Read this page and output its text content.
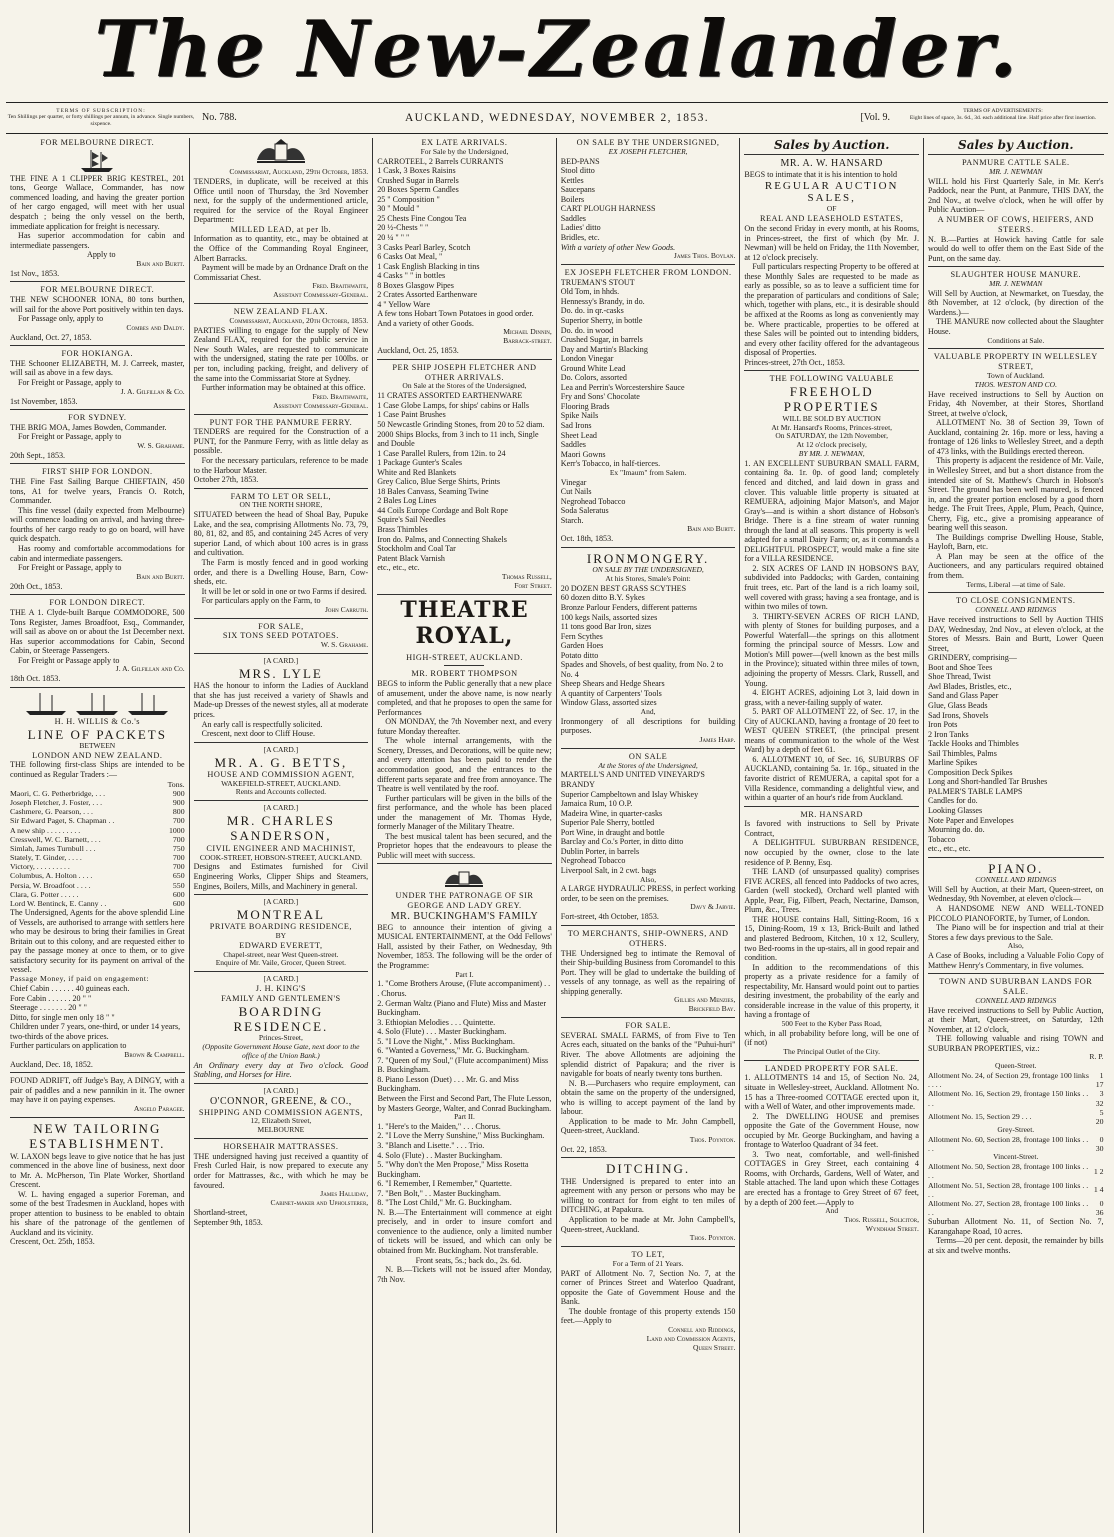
The New-Zealander.
TERMS OF SUBSCRIPTION:
Ten Shillings per quarter, or forty shillings per annum, in advance. Single numbers, sixpence.
No. 788.	AUCKLAND, WEDNESDAY, NOVEMBER 2, 1853.	[Vol. 9.
TERMS OF ADVERTISEMENTS:
Eight lines of space, 3s. 6d., 3d. each additional line. Half price after first insertion.
FOR MELBOURNE DIRECT.

THE FINE A 1 CLIPPER BRIG KESTREL, 201 tons, George Wallace, Commander, has now commenced loading, and having the greater portion of her cargo engaged, will meet with her usual despatch ; being the only vessel on the berth, immediate application for freight is necessary.

Has superior accommodation for cabin and intermediate passengers.

Apply to

Bain and Burtt.
1st Nov., 1853.
FOR MELBOURNE DIRECT.

THE NEW SCHOONER IONA, 80 tons burthen, will sail for the above Port positively within ten days.

For Passage only, apply to

Combes and Daldy.
Auckland, Oct. 27, 1853.
FOR HOKIANGA.

THE Schooner ELIZABETH, M. J. Carreek, master, will sail as above in a few days.

For Freight or Passage, apply to

J. A. Gilfillan & Co.
1st November, 1853.
FOR SYDNEY.

THE BRIG MOA, James Bowden, Commander.

For Freight or Passage, apply to

W. S. Grahame.
20th Sept., 1853.
FIRST SHIP FOR LONDON.

THE Fine Fast Sailing Barque CHIEFTAIN, 450 tons, A1 for twelve years, Francis O. Rotch, Commander.

This fine vessel (daily expected from Melbourne) will commence loading on arrival, and having three-fourths of her cargo ready to go on board, will have quick despatch.

Has roomy and comfortable accommodations for cabin and intermediate passengers.

For Freight or Passage, apply to

Bain and Burtt.
20th Oct., 1853.
FOR LONDON DIRECT.

THE A 1. Clyde-built Barque COMMODORE, 500 Tons Register, James Broadfoot, Esq., Commander, will sail as above on or about the 1st December next. Has superior accommodations for Cabin, Second Cabin, or Steerage Passengers.

For Freight or Passage apply to

J. A. Gilfillan and Co.
18th Oct. 1853.
H. H. WILLIS & Co.'s
LINE OF PACKETS
BETWEEN
LONDON AND NEW ZEALAND.

THE following first-class Ships are intended to be continued as Regular Traders :—

	Tons.
Maori, C. G. Petherbridge, . . .	900
Joseph Fletcher, J. Foster, . . .	900
Cashmere, G. Pearson, . . .	800
Sir Edward Paget, S. Chapman . .	700
A new ship . . . . . . . . .	1000
Cresswell, W. C. Barnett, . . .	700
Simlah, James Turnbull . . .	750
Stately, T. Ginder, . . . .	700
Victory, . . . . . . . . .	700
Columbus, A. Holton . . . .	650
Persia, W. Broadfoot . . . .	550
Clara, G. Potter . . . . .	600
Lord W. Bentinck, E. Canny . .	600

The Undersigned, Agents for the above splendid Line of Vessels, are authorised to arrange with settlers here who may be desirous to bring their families in Great Britain out to this colony, and are requested either to pay the passage money at once to them, or to give satisfactory security for its payment on arrival of the vessel.

Passage Money, if paid on engagement:
Chief Cabin . . . . . . 40 guineas each.
Fore Cabin . . . . . . 20 " "
Steerage . . . . . . . 20 " "
Ditto, for single men only 18 " "
Children under 7 years, one-third, or under 14 years, two-thirds of the above prices.

Further particulars on application to

Brown & Campbell.
Auckland, Dec. 18, 1852.

FOUND ADRIFT, off Judge's Bay, A DINGY, with a pair of paddles and a new pannikin in it. The owner may have it on paying expenses.

Angelo Paragee.
NEW TAILORING ESTABLISHMENT.

W. LAXON begs leave to give notice that he has just commenced in the above line of business, next door to Mr. A. McPherson, Tin Plate Worker, Shortland Crescent.

W. L. having engaged a superior Foreman, and some of the best Tradesmen in Auckland, hopes with proper attention to business to be enabled to obtain his share of the patronage of the gentlemen of Auckland and its vicinity.

Crescent, Oct. 25th, 1853.
Commissariat, Auckland, 29th October, 1853.

TENDERS, in duplicate, will be received at this Office until noon of Thursday, the 3rd November next, for the supply of the undermentioned article, required for the service of the Royal Engineer Department:

MILLED LEAD, at per lb.

Information as to quantity, etc., may be obtained at the Office of the Commanding Royal Engineer, Albert Barracks.

Payment will be made by an Ordnance Draft on the Commissariat Chest.

Fred. Braithwaite,
Assistant Commissary-General.
NEW ZEALAND FLAX.
Commissariat, Auckland, 20th October, 1853.

PARTIES willing to engage for the supply of New Zealand FLAX, required for the public service in New South Wales, are requested to communicate with the undersigned, stating the rate per 100lbs. or per ton, including packing, freight, and delivery of the same into the Commissariat Store at Sydney.

Further information may be obtained at this office.

Fred. Braithwaite,
Assistant Commissary-General.
PUNT FOR THE PANMURE FERRY.

TENDERS are required for the Construction of a PUNT, for the Panmure Ferry, with as little delay as possible.

For the necessary particulars, reference to be made to the Harbour Master.

October 27th, 1853.
FARM TO LET OR SELL,
ON THE NORTH SHORE,

SITUATED between the head of Shoal Bay, Pupuke Lake, and the sea, comprising Allotments No. 73, 79, 80, 81, 82, and 85, and containing 245 Acres of very superior Land, of which about 100 acres is in grass and cultivation.

The Farm is mostly fenced and in good working order, and there is a Dwelling House, Barn, Cow-sheds, etc.

It will be let or sold in one or two Farms if desired.

For particulars apply on the Farm, to

John Carruth.
FOR SALE,
SIX TONS SEED POTATOES.
W. S. Grahame.
[A CARD.]
MRS. LYLE

HAS the honour to inform the Ladies of Auckland that she has just received a variety of Shawls and Made-up Dresses of the newest styles, all at moderate prices.

An early call is respectfully solicited.

Crescent, next door to Cliff House.

[A CARD.]
MR. A. G. BETTS,
HOUSE AND COMMISSION AGENT,
WAKEFIELD-STREET, AUCKLAND.
Rents and Accounts collected.
[A CARD.]
MR. CHARLES SANDERSON,
CIVIL ENGINEER AND MACHINIST,
COOK-STREET, HOBSON-STREET, AUCKLAND.

Designs and Estimates furnished for Civil Engineering Works, Clipper Ships and Steamers, Engines, Boilers, Mills, and Machinery in general.

[A CARD.]
MONTREAL
PRIVATE BOARDING RESIDENCE,
BY
EDWARD EVERETT,
Chapel-street, near West Queen-street.
Enquire of Mr. Vaile, Grocer, Queen Street.
[A CARD.]
J. H. KING'S
FAMILY AND GENTLEMEN'S
BOARDING RESIDENCE.
Princes-Street,
(Opposite Government House Gate, next door to the office of the Union Bank.)

An Ordinary every day at Two o'clock. Good Stabling, and Horses for Hire.

[A CARD.]
O'CONNOR, GREENE, & CO.,
SHIPPING AND COMMISSION AGENTS,
12, Elizabeth Street,
MELBOURNE
HORSEHAIR MATTRASSES.

THE undersigned having just received a quantity of Fresh Curled Hair, is now prepared to execute any order for Mattrasses, &c., with which he may be favoured.

James Halliday,
Cabinet-maker and Upholsterer,
Shortland-street,
September 9th, 1853.
EX LATE ARRIVALS.
For Sale by the Undersigned,
CARROTEEL, 2 Barrels CURRANTS
1 Cask, 3 Boxes Raisins
Crushed Sugar in Barrels
20 Boxes Sperm Candles
25 " Composition "
30 " Mould "
25 Chests Fine Congou Tea
20 ½-Chests " "
20 ¼ " " "
3 Casks Pearl Barley, Scotch
6 Casks Oat Meal, "
1 Cask English Blacking in tins
4 Casks " " in bottles
8 Boxes Glasgow Pipes
2 Crates Assorted Earthenware
4 " Yellow Ware
A few tons Hobart Town Potatoes in good order.
And a variety of other Goods.
Michael Dinnin,
Barrack-street.
Auckland, Oct. 25, 1853.
PER SHIP JOSEPH FLETCHER AND OTHER ARRIVALS.
On Sale at the Stores of the Undersigned,
11 CRATES ASSORTED EARTHENWARE
1 Case Globe Lamps, for ships' cabins or Halls
1 Case Paint Brushes
50 Newcastle Grinding Stones, from 20 to 52 diam.
2000 Ships Blocks, from 3 inch to 11 inch, Single and Double
1 Case Parallel Rulers, from 12in. to 24
1 Package Gunter's Scales
White and Red Blankets
Grey Calico, Blue Serge Shirts, Prints
18 Bales Canvass, Seaming Twine
2 Bales Log Lines
44 Coils Europe Cordage and Bolt Rope
Squire's Sail Needles
Brass Thimbles
Iron do. Palms, and Connecting Shakels
Stockholm and Coal Tar
Patent Black Varnish
etc., etc., etc.
Thomas Russell,
Fort Street.
THEATRE ROYAL,
HIGH-STREET, AUCKLAND.
MR. ROBERT THOMPSON

BEGS to inform the Public generally that a new place of amusement, under the above name, is now nearly completed, and that he proposes to open the same for Performances

ON MONDAY, the 7th November next, and every future Monday thereafter.

The whole internal arrangements, with the Scenery, Dresses, and Decorations, will be quite new; and every attention has been paid to render the accommodation good, and the entrances to the different parts separate and free from annoyance. The Theatre is well ventilated by the roof.

Further particulars will be given in the bills of the first performance, and the whole has been placed under the management of Mr. Thomas Hyde, formerly Manager of the Military Theatre.

The best musical talent has been secured, and the Proprietor hopes that the endeavours to please the Public will meet with success.

UNDER THE PATRONAGE OF SIR GEORGE AND LADY GREY.
MR. BUCKINGHAM'S FAMILY

BEG to announce their intention of giving a MUSICAL ENTERTAINMENT, at the Odd Fellows' Hall, assisted by their Father, on Wednesday, 9th November, 1853. The following will be the order of the Programme:

Part I.
1. "Come Brothers Arouse, (Flute accompaniment) . . . Chorus.
2. German Waltz (Piano and Flute) Miss and Master Buckingham.
3. Ethiopian Melodies . . . Quintette.
4. Solo (Flute) . . . Master Buckingham.
5. "I Love the Night," . Miss Buckingham.
6. "Wanted a Governess," Mr. G. Buckingham.
7. "Queen of my Soul," (Flute accompaniment) Miss B. Buckingham.
8. Piano Lesson (Duet) . . . Mr. G. and Miss Buckingham.

Between the First and Second Part, The Flute Lesson, by Masters George, Walter, and Conrad Buckingham.

Part II.
1. "Here's to the Maiden," . . . Chorus.
2. "I Love the Merry Sunshine," Miss Buckingham.
3. "Blanch and Lisette." . . . Trio.
4. Solo (Flute) . . Master Buckingham.
5. "Why don't the Men Propose," Miss Rosetta Buckingham.
6. "I Remember, I Remember," Quartette.
7. "Ben Bolt," . . Master Buckingham.
8. "The Lost Child," Mr. G. Buckingham.

N. B.—The Entertainment will commence at eight precisely, and in order to insure comfort and convenience to the audience, only a limited number of tickets will be issued, and which can only be obtained from Mr. Buckingham. Not transferable.

Front seats, 5s.; back do., 2s. 6d.

N. B.—Tickets will not be issued after Monday, 7th Nov.

ON SALE BY THE UNDERSIGNED,
EX JOSEPH FLETCHER,
BED-PANS
Stool ditto
Kettles
Saucepans
Boilers
CART PLOUGH HARNESS
Saddles
Ladies' ditto
Bridles, etc.

With a variety of other New Goods.

James Thos. Boylan.
EX JOSEPH FLETCHER FROM LONDON.
TRUEMAN'S STOUT
Old Tom, in hhds.
Hennessy's Brandy, in do.
Do. do. in qr.-casks
Superior Sherry, in bottle
Do. do. in wood
Crushed Sugar, in barrels
Day and Martin's Blacking
London Vinegar
Ground White Lead
Do. Colors, assorted
Lea and Perrin's Worcestershire Sauce
Fry and Sons' Chocolate
Flooring Brads
Spike Nails
Sad Irons
Sheet Lead
Saddles
Maori Gowns
Kerr's Tobacco, in half-tierces.
Ex "Imaum" from Salem.
Vinegar
Cut Nails
Negrohead Tobacco
Soda Saleratus
Starch.
Bain and Burtt.
Oct. 18th, 1853.
IRONMONGERY.
ON SALE BY THE UNDERSIGNED,
At his Stores, Smale's Point:
20 DOZEN BEST GRASS SCYTHES
60 dozen ditto B.Y. Sykes
Bronze Parlour Fenders, different patterns
100 kegs Nails, assorted sizes
11 tons good Bar Iron, sizes
Fern Scythes
Garden Hoes
Potato ditto
Spades and Shovels, of best quality, from No. 2 to No. 4
Sheep Shears and Hedge Shears
A quantity of Carpenters' Tools
Window Glass, assorted sizes
And,

Ironmongery of all descriptions for building purposes.

James Harp.
ON SALE
At the Stores of the Undersigned,
MARTELL'S AND UNITED VINEYARD'S BRANDY
Superior Campbeltown and Islay Whiskey
Jamaica Rum, 10 O.P.
Madeira Wine, in quarter-casks
Superior Pale Sherry, bottled
Port Wine, in draught and bottle
Barclay and Co.'s Porter, in ditto ditto
Dublin Porter, in barrels
Negrohead Tobacco
Liverpool Salt, in 2 cwt. bags
Also,

A LARGE HYDRAULIC PRESS, in perfect working order, to be seen on the premises.

Davy & Jarvie.
Fort-street, 4th October, 1853.
TO MERCHANTS, SHIP-OWNERS, AND OTHERS.

THE Undersigned beg to intimate the Removal of their Ship-building Business from Coromandel to this Port. They will be glad to undertake the building of vessels of any tonnage, as well as the repairing of shipping generally.

Gillies and Menzies,
Brickfield Bay.
FOR SALE.

SEVERAL SMALL FARMS, of from Five to Ten Acres each, situated on the banks of the "Puhui-huri" River. The above Allotments are adjoining the splendid district of Papakura; and the river is navigable for boats of nearly twenty tons burthen.

N. B.—Purchasers who require employment, can obtain the same on the property of the undersigned, who is willing to accept payment of the land by labour.

Application to be made to Mr. John Campbell, Queen-street, Auckland.

Thos. Poynton.
Oct. 22, 1853.
DITCHING.

THE Undersigned is prepared to enter into an agreement with any person or persons who may be willing to contract for from eight to ten miles of DITCHING, at Papakura.

Application to be made at Mr. John Campbell's, Queen-street, Auckland.

Thos. Poynton.
TO LET,
For a Term of 21 Years.

PART of Allotment No. 7, Section No. 7, at the corner of Princes Street and Waterloo Quadrant, opposite the Gate of Government House and the Bank.

The double frontage of this property extends 150 feet.—Apply to

Connell and Riddings,
Land and Commission Agents,
Queen Street.
Sales by Auction.
MR. A. W. HANSARD

BEGS to intimate that it is his intention to hold

REGULAR AUCTION SALES,
OF
REAL AND LEASEHOLD ESTATES,

On the second Friday in every month, at his Rooms, in Princes-street, the first of which (by Mr. J. Newman) will be held on Friday, the 11th November, at 12 o'clock precisely.

Full particulars respecting Property to be offered at these Monthly Sales are requested to be made as early as possible, so as to leave a sufficient time for the preparation of particulars and conditions of Sale; which, together with plans, etc., it is desirable should be affixed at the Rooms as long as conveniently may be. Where practicable, properties to be offered at these Sales will be pointed out to intending bidders, and every other facility offered for the advantageous disposal of Properties.

Princes-street, 27th Oct., 1853.
THE FOLLOWING VALUABLE
FREEHOLD PROPERTIES
WILL BE SOLD BY AUCTION
At Mr. Hansard's Rooms, Princes-street,
On SATURDAY, the 12th November,
At 12 o'clock precisely,
BY MR. J. NEWMAN,

1. AN EXCELLENT SUBURBAN SMALL FARM, containing 8a. 1r. 0p. of good land; completely fenced and ditched, and laid down in grass and clover. This valuable little property is situated at REMUERA, adjoining Major Matson's, and Major Gray's—and is within a short distance of Hobson's Bridge. There is a fine stream of water running through the land at all seasons. This property is well adapted for a small Dairy Farm; or, as it commands a DELIGHTFUL PROSPECT, would make a fine site for a VILLA RESIDENCE.

2. SIX ACRES OF LAND IN HOBSON'S BAY, subdivided into Paddocks; with Garden, containing fruit trees, etc. Part of the land is a rich loamy soil, well covered with grass; having a sea frontage, and is within two miles of town.

3. THIRTY-SEVEN ACRES OF RICH LAND, with plenty of Stones for building purposes, and a Powerful Waterfall—the springs on this allotment forming the principal source of Messrs. Low and Motion's Mill power—(well known as the best mills in the Province); situated within three miles of town, adjoining the property of Messrs. Clark, Russell, and Young.

4. EIGHT ACRES, adjoining Lot 3, laid down in grass, with a never-failing supply of water.

5. PART OF ALLOTMENT 22, of Sec. 17, in the City of AUCKLAND, having a frontage of 20 feet to WEST QUEEN STREET, (the principal present means of communication to the whole of the West Ward) by a depth of feet 61.

6. ALLOTMENT 10, of Sec. 16, SUBURBS OF AUCKLAND, containing 5a. 1r. 16p., situated in the favorite district of REMUERA, a capital spot for a Villa Residence, commanding a delightful view, and within a quarter of an hour's ride from Auckland.

MR. HANSARD

Is favored with instructions to Sell by Private Contract,

A DELIGHTFUL SUBURBAN RESIDENCE, now occupied by the owner, close to the late residence of P. Benny, Esq.

THE LAND (of unsurpassed quality) comprises FIVE ACRES, all fenced into Paddocks of two acres, Garden (well stocked), Orchard well planted with Apple, Pear, Fig, Filbert, Peach, Nectarine, Damson, Plum, &c., Trees.

THE HOUSE contains Hall, Sitting-Room, 16 x 15, Dining-Room, 19 x 13, Brick-Built and lathed and plastered Bedroom, Kitchen, 10 x 12, Scullery, two Bed-rooms in the up-stairs, all in good repair and condition.

In addition to the recommendations of this property as a private residence for a family of respectability, Mr. Hansard would point out to parties desiring investment, the probability of the early and considerable increase in the value of this property, it having a frontage of

500 Feet to the Kyber Pass Road,

which, in all probability before long, will be one of (if not)

The Principal Outlet of the City.
LANDED PROPERTY FOR SALE.

1. ALLOTMENTS 14 and 15, of Section No. 24, situate in Wellesley-street, Auckland. Allotment No. 15 has a Three-roomed COTTAGE erected upon it, with a Well of Water, and other improvements made.

2. The DWELLING HOUSE and premises opposite the Gate of the Government House, now occupied by Mr. George Buckingham, and having a frontage to Waterloo Quadrant of 34 feet.

3. Two neat, comfortable, and well-finished COTTAGES in Grey Street, each containing 4 Rooms, with Orchards, Gardens, Well of Water, and Stable attached. The land upon which these Cottages are erected has a frontage to Grey Street of 67 feet, by a depth of 200 feet.—Apply to

And
Thos. Russell, Solicitor,
Wyndham Street.
Sales by Auction.
PANMURE CATTLE SALE.
MR. J. NEWMAN

WILL hold his First Quarterly Sale, in Mr. Kerr's Paddock, near the Punt, at Panmure, THIS DAY, the 2nd Nov., at twelve o'clock, when he will offer by Public Auction—

A NUMBER OF COWS, HEIFERS, AND STEERS.

N. B.—Parties at Howick having Cattle for sale would do well to offer them on the East Side of the Punt, on the same day.

SLAUGHTER HOUSE MANURE.
MR. J. NEWMAN

Will Sell by Auction, at Newmarket, on Tuesday, the 8th November, at 12 o'clock, (by direction of the Wardens.)—

THE MANURE now collected about the Slaughter House.

Conditions at Sale.
VALUABLE PROPERTY IN WELLESLEY STREET,
Town of Auckland.
THOS. WESTON AND CO.

Have received instructions to Sell by Auction on Friday, 4th November, at their Stores, Shortland Street, at twelve o'clock,

ALLOTMENT No. 38 of Section 39, Town of Auckland, containing 2r. 16p. more or less, having a frontage of 126 links to Wellesley Street, and a depth of 473 links, with the Buildings erected thereon.

This property is adjacent the residence of Mr. Vaile, in Wellesley Street, and but a short distance from the intended site of St. Matthew's Church in Hobson's Street. The ground has been well manured, is fenced in, and the greater portion enclosed by a good thorn hedge. The Fruit Trees, Apple, Plum, Peach, Quince, Cherry, Fig, etc., give a promising appearance of bearing well this season.

The Buildings comprise Dwelling House, Stable, Hayloft, Barn, etc.

A Plan may be seen at the office of the Auctioneers, and any particulars required obtained from them.

Terms, Liberal —at time of Sale.
TO CLOSE CONSIGNMENTS.
CONNELL AND RIDINGS

Have received instructions to Sell by Auction THIS DAY, Wednesday, 2nd Nov., at eleven o'clock, at the Stores of Messrs. Bain and Burtt, Lower Queen Street,

GRINDERY, comprising—
Boot and Shoe Tees
Shoe Thread, Twist
Awl Blades, Bristles, etc.,
Sand and Glass Paper
Glue, Glass Beads
Sad Irons, Shovels
Iron Pots
2 Iron Tanks
Tackle Hooks and Thimbles
Sail Thimbles, Palms
Marline Spikes
Composition Deck Spikes
Long and Short-handled Tar Brushes
PALMER'S TABLE LAMPS
Candles for do.
Looking Glasses
Note Paper and Envelopes
Mourning do. do.
Tobacco
etc., etc., etc.
PIANO.
CONNELL AND RIDINGS

Will Sell by Auction, at their Mart, Queen-street, on Wednesday, 9th November, at eleven o'clock—

A HANDSOME NEW AND WELL-TONED PICCOLO PIANOFORTE, by Turner, of London.

The Piano will be for inspection and trial at their Stores a few days previous to the Sale.

Also,

A Case of Books, including a Valuable Folio Copy of Matthew Henry's Commentary, in five volumes.

TOWN AND SUBURBAN LANDS FOR SALE.
CONNELL AND RIDINGS

Have received instructions to Sell by Public Auction, at their Mart, Queen-street, on Saturday, 12th November, at 12 o'clock,

THE following valuable and rising TOWN and SUBURBAN PROPERTIES, viz.:

R. P.
Queen-Street.
Allotment No. 24, of Section 29, frontage 100 links . . . .	1 17
Allotment No. 16, Section 29, frontage 150 links . . . .	3 32
Allotment No. 15, Section 29 . . .	5 20
Grey-Street.
Allotment No. 60, Section 28, frontage 100 links . . . .	0 30
Vincent-Street.
Allotment No. 50, Section 28, frontage 100 links . . . .	1 2
Allotment No. 51, Section 28, frontage 100 links . . . .	1 4
Allotment No. 27, Section 28, frontage 100 links . . . .	0 36

Suburban Allotment No. 11, of Section No. 7, Karangahape Road, 10 acres.

Terms—20 per cent. deposit, the remainder by bills at six and twelve months.
